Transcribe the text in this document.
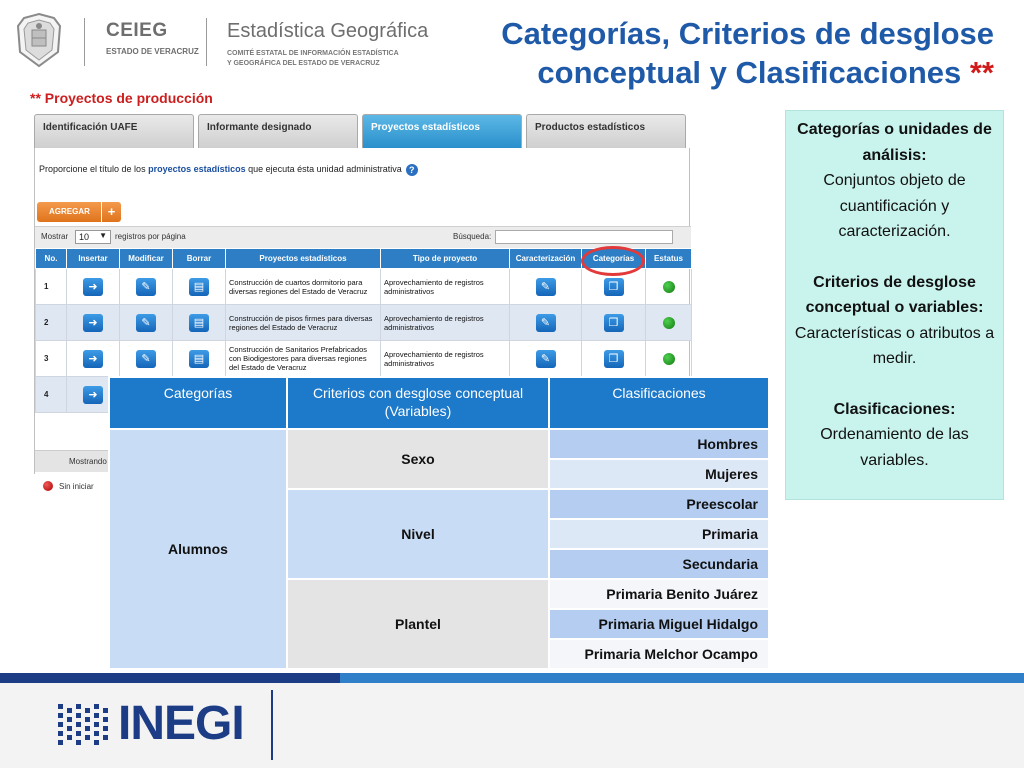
CEIEG
ESTADO DE VERACRUZ
Estadística Geográfica
COMITÉ ESTATAL DE INFORMACIÓN ESTADÍSTICA
Y GEOGRÁFICA DEL ESTADO DE VERACRUZ
Categorías, Criterios de desglose
conceptual y Clasificaciones **
** Proyectos de producción
Identificación UAFE	Informante designado	Proyectos estadísticos	Productos estadísticos
Proporcione el título de los proyectos estadísticos que ejecuta ésta unidad administrativa ?
AGREGAR	+
Mostrar	10 ▼ registros por página	Búsqueda:
No.	Insertar	Modificar	Borrar	Proyectos estadísticos	Tipo de proyecto	Caracterización	Categorías	Estatus
1	➜	✎	▤	Construcción de cuartos dormitorio para diversas regiones del Estado de Veracruz	Aprovechamiento de registros administrativos	✎	❐	

2	➜	✎	▤	Construcción de pisos firmes para diversas regiones del Estado de Veracruz	Aprovechamiento de registros administrativos	✎	❐	

3	➜	✎	▤	Construcción de Sanitarios Prefabricados con Biodigestores para diversas regiones del Estado de Veracruz	Aprovechamiento de registros administrativos	✎	❐	

4	➜							

Mostrando
Sin iniciar
Categorías	Criterios con desglose conceptual (Variables)	Clasificaciones
Alumnos	Sexo	Hombres
		Mujeres
	Nivel	Preescolar
		Primaria
		Secundaria
	Plantel	Primaria Benito Juárez
		Primaria Miguel Hidalgo
		Primaria Melchor Ocampo
Categorías o unidades de análisis:
Conjuntos objeto de cuantificación y caracterización.
Criterios de desglose conceptual o variables:
Características o atributos a medir.
Clasificaciones:
Ordenamiento de las variables.
INEGI
